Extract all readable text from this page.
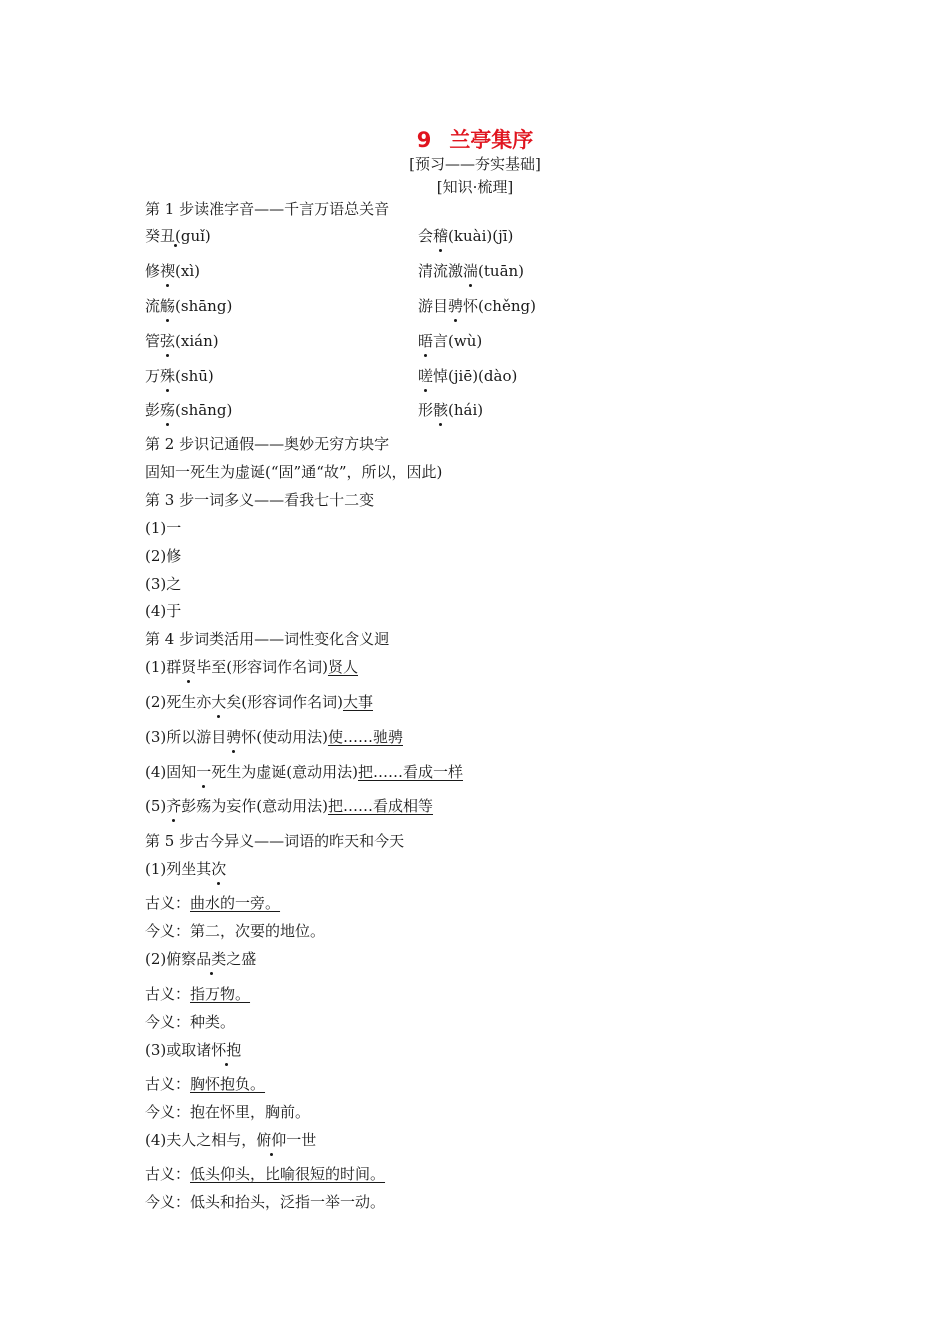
9 兰亭集序
[预习——夯实基础]
[知识·梳理]
第 1 步读准字音——千言万语总关音
癸丑(guǐ)	会稽(kuài)(jī)
修禊(xì)	清流激湍(tuān)
流觞(shāng)	游目骋怀(chěng)
管弦(xián)	晤言(wù)
万殊(shū)	嗟悼(jiē)(dào)
彭殇(shāng)	形骸(hái)
第 2 步识记通假——奥妙无穷方块字
固知一死生为虚诞(“固”通“故”，所以，因此)
第 3 步一词多义——看我七十二变
(1)一
(2)修
(3)之
(4)于
第 4 步词类活用——词性变化含义迥
(1)群贤毕至(形容词作名词)贤人
(2)死生亦大矣(形容词作名词)大事
(3)所以游目骋怀(使动用法)使……驰骋
(4)固知一死生为虚诞(意动用法)把……看成一样
(5)齐彭殇为妄作(意动用法)把……看成相等
第 5 步古今异义——词语的昨天和今天
(1)列坐其次
古义：曲水的一旁。
今义：第二，次要的地位。
(2)俯察品类之盛
古义：指万物。
今义：种类。
(3)或取诸怀抱
古义：胸怀抱负。
今义：抱在怀里，胸前。
(4)夫人之相与，俯仰一世
古义：低头仰头，比喻很短的时间。
今义：低头和抬头，泛指一举一动。
